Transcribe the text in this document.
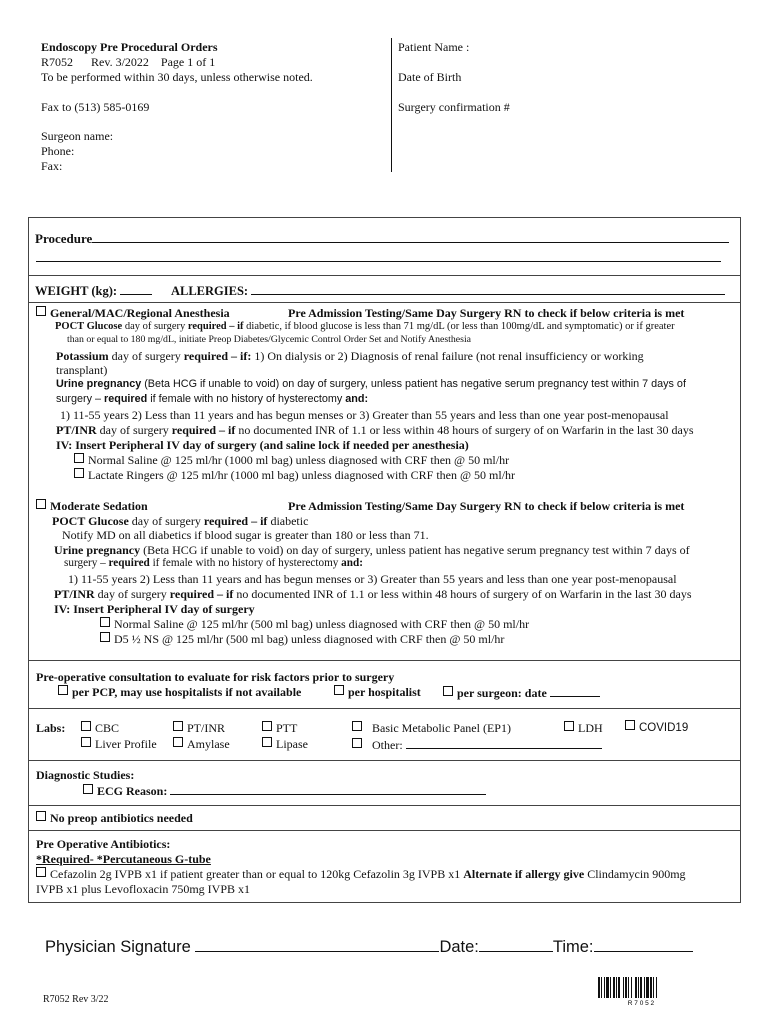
Endoscopy Pre Procedural Orders
R7052 Rev. 3/2022 Page 1 of 1
To be performed within 30 days, unless otherwise noted.
Fax to (513) 585-0169
Surgeon name:
Phone:
Fax:
Patient Name :
Date of Birth
Surgery confirmation #
Procedure
WEIGHT (kg):	ALLERGIES:
General/MAC/Regional Anesthesia	Pre Admission Testing/Same Day Surgery RN to check if below criteria is met
POCT Glucose day of surgery required – if diabetic, if blood glucose is less than 71 mg/dL (or less than 100mg/dL and symptomatic) or if greater
than or equal to 180 mg/dL, initiate Preop Diabetes/Glycemic Control Order Set and Notify Anesthesia
Potassium day of surgery required – if: 1) On dialysis or 2) Diagnosis of renal failure (not renal insufficiency or working
transplant)
Urine pregnancy (Beta HCG if unable to void) on day of surgery, unless patient has negative serum pregnancy test within 7 days of
surgery – required if female with no history of hysterectomy and:
1) 11-55 years 2) Less than 11 years and has begun menses or 3) Greater than 55 years and less than one year post-menopausal
PT/INR day of surgery required – if no documented INR of 1.1 or less within 48 hours of surgery of on Warfarin in the last 30 days
IV: Insert Peripheral IV day of surgery (and saline lock if needed per anesthesia)
Normal Saline @ 125 ml/hr (1000 ml bag) unless diagnosed with CRF then @ 50 ml/hr
Lactate Ringers @ 125 ml/hr (1000 ml bag) unless diagnosed with CRF then @ 50 ml/hr
Moderate Sedation	Pre Admission Testing/Same Day Surgery RN to check if below criteria is met
POCT Glucose day of surgery required – if diabetic
Notify MD on all diabetics if blood sugar is greater than 180 or less than 71.
Urine pregnancy (Beta HCG if unable to void) on day of surgery, unless patient has negative serum pregnancy test within 7 days of
surgery – required if female with no history of hysterectomy and:
1) 11-55 years 2) Less than 11 years and has begun menses or 3) Greater than 55 years and less than one year post-menopausal
PT/INR day of surgery required – if no documented INR of 1.1 or less within 48 hours of surgery of on Warfarin in the last 30 days
IV: Insert Peripheral IV day of surgery
Normal Saline @ 125 ml/hr (500 ml bag) unless diagnosed with CRF then @ 50 ml/hr
D5 ½ NS @ 125 ml/hr (500 ml bag) unless diagnosed with CRF then @ 50 ml/hr
Pre-operative consultation to evaluate for risk factors prior to surgery
per PCP, may use hospitalists if not available	per hospitalist	per surgeon: date
Labs:	CBC	PT/INR	PTT	Basic Metabolic Panel (EP1)	LDH	COVID19
Liver Profile	Amylase	Lipase	Other:
Diagnostic Studies:
ECG Reason:
No preop antibiotics needed
Pre Operative Antibiotics:
*Required- *Percutaneous G-tube
Cefazolin 2g IVPB x1 if patient greater than or equal to 120kg Cefazolin 3g IVPB x1 Alternate if allergy give Clindamycin 900mg
IVPB x1 plus Levofloxacin 750mg IVPB x1
Physician Signature	Date:	Time:
R7052 Rev 3/22	R 7 0 5 2
